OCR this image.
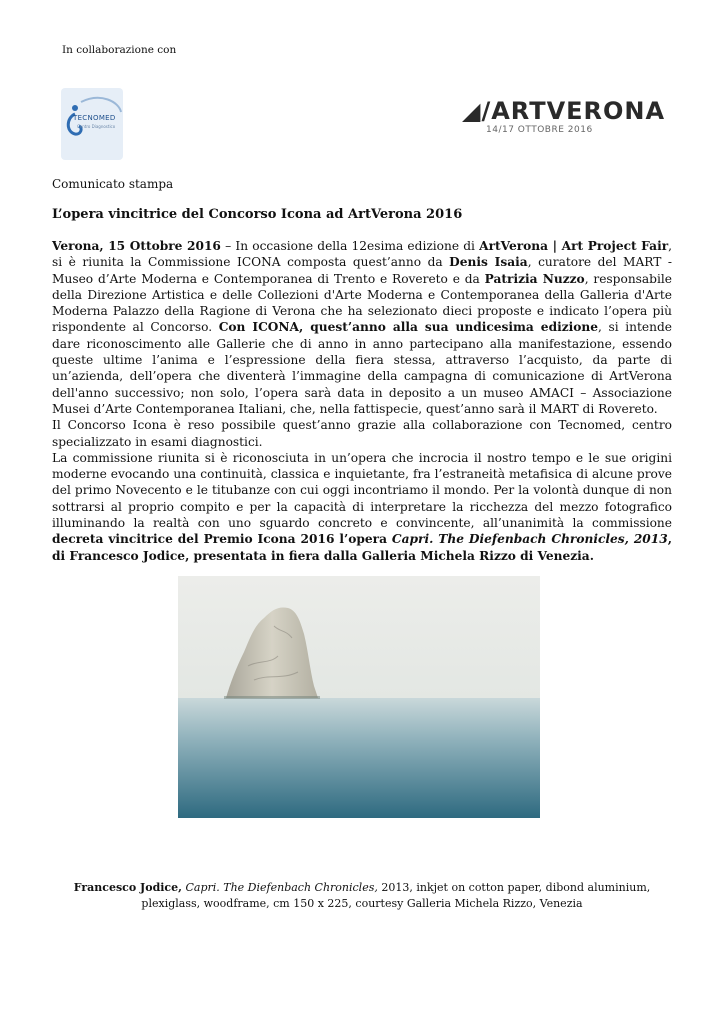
In collaborazione con
TECNOMED
Centro Diagnostico
◢/ARTVERONA
14/17 OTTOBRE 2016
Comunicato stampa
L’opera vincitrice del Concorso Icona ad ArtVerona 2016

Verona, 15 Ottobre 2016 – In occasione della 12esima edizione di ArtVerona | Art Project Fair, si è riunita la Commissione ICONA composta quest’anno da Denis Isaia, curatore del MART - Museo d’Arte Moderna e Contemporanea di Trento e Rovereto e da Patrizia Nuzzo, responsabile della Direzione Artistica e delle Collezioni d'Arte Moderna e Contemporanea della Galleria d'Arte Moderna Palazzo della Ragione di Verona che ha selezionato dieci proposte e indicato l’opera più rispondente al Concorso. Con ICONA, quest’anno alla sua undicesima edizione, si intende dare riconoscimento alle Gallerie che di anno in anno partecipano alla manifestazione, essendo queste ultime l’anima e l’espressione della fiera stessa, attraverso l’acquisto, da parte di un’azienda, dell’opera che diventerà l’immagine della campagna di comunicazione di ArtVerona dell'anno successivo; non solo, l’opera sarà data in deposito a un museo AMACI – Associazione Musei d’Arte Contemporanea Italiani, che, nella fattispecie, quest’anno sarà il MART di Rovereto.

Il Concorso Icona è reso possibile quest’anno grazie alla collaborazione con Tecnomed, centro specializzato in esami diagnostici.

La commissione riunita si è riconosciuta in un’opera che incrocia il nostro tempo e le sue origini moderne evocando una continuità, classica e inquietante, fra l’estraneità metafisica di alcune prove del primo Novecento e le titubanze con cui oggi incontriamo il mondo. Per la volontà dunque di non sottrarsi al proprio compito e per la capacità di interpretare la ricchezza del mezzo fotografico illuminando la realtà con uno sguardo concreto e convincente, all’unanimità la commissione decreta vincitrice del Premio Icona 2016 l’opera Capri. The Diefenbach Chronicles, 2013, di Francesco Jodice, presentata in fiera dalla Galleria Michela Rizzo di Venezia.

Francesco Jodice, Capri. The Diefenbach Chronicles, 2013, inkjet on cotton paper, dibond aluminium, plexiglass, woodframe, cm 150 x 225, courtesy Galleria Michela Rizzo, Venezia
